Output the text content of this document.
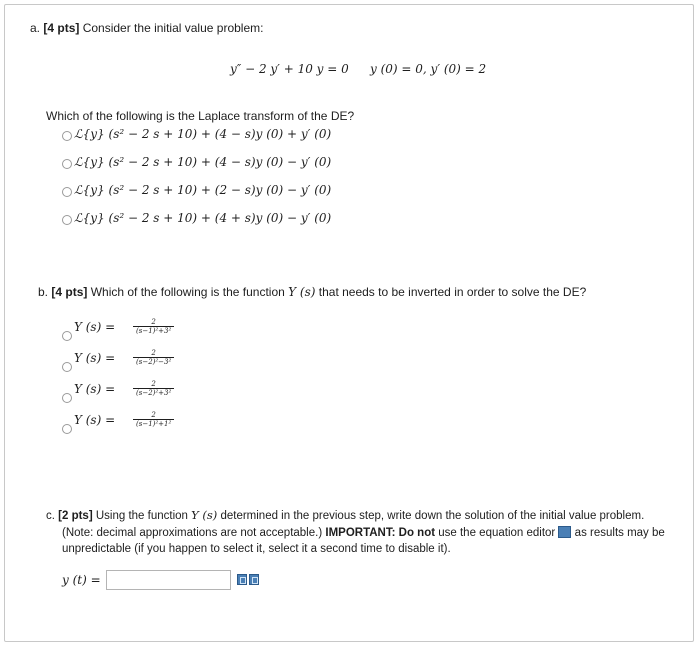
a. [4 pts] Consider the initial value problem:
y″ − 2 y′ + 10 y = 0 y (0) = 0, y′ (0) = 2
Which of the following is the Laplace transform of the DE?
ℒ{y} (s² − 2 s + 10) + (4 − s)y (0) + y′ (0)
ℒ{y} (s² − 2 s + 10) + (4 − s)y (0) − y′ (0)
ℒ{y} (s² − 2 s + 10) + (2 − s)y (0) − y′ (0)
ℒ{y} (s² − 2 s + 10) + (4 + s)y (0) − y′ (0)
b. [4 pts] Which of the following is the function Y (s) that needs to be inverted in order to solve the DE?
Y (s) =	$\frac{2}{\text{(s−1)²+3²}}$
Y (s) =	$\frac{2}{\text{(s−2)²−3²}}$
Y (s) =	$\frac{2}{\text{(s−2)²+3²}}$
Y (s) =	$\frac{2}{\text{(s−1)²+1²}}$
c. [2 pts] Using the function Y (s) determined in the previous step, write down the solution of the initial value problem.
(Note: decimal approximations are not acceptable.) IMPORTANT: Do not use the equation editor as results may be
unpredictable (if you happen to select it, select it a second time to disable it).
y (t) =
